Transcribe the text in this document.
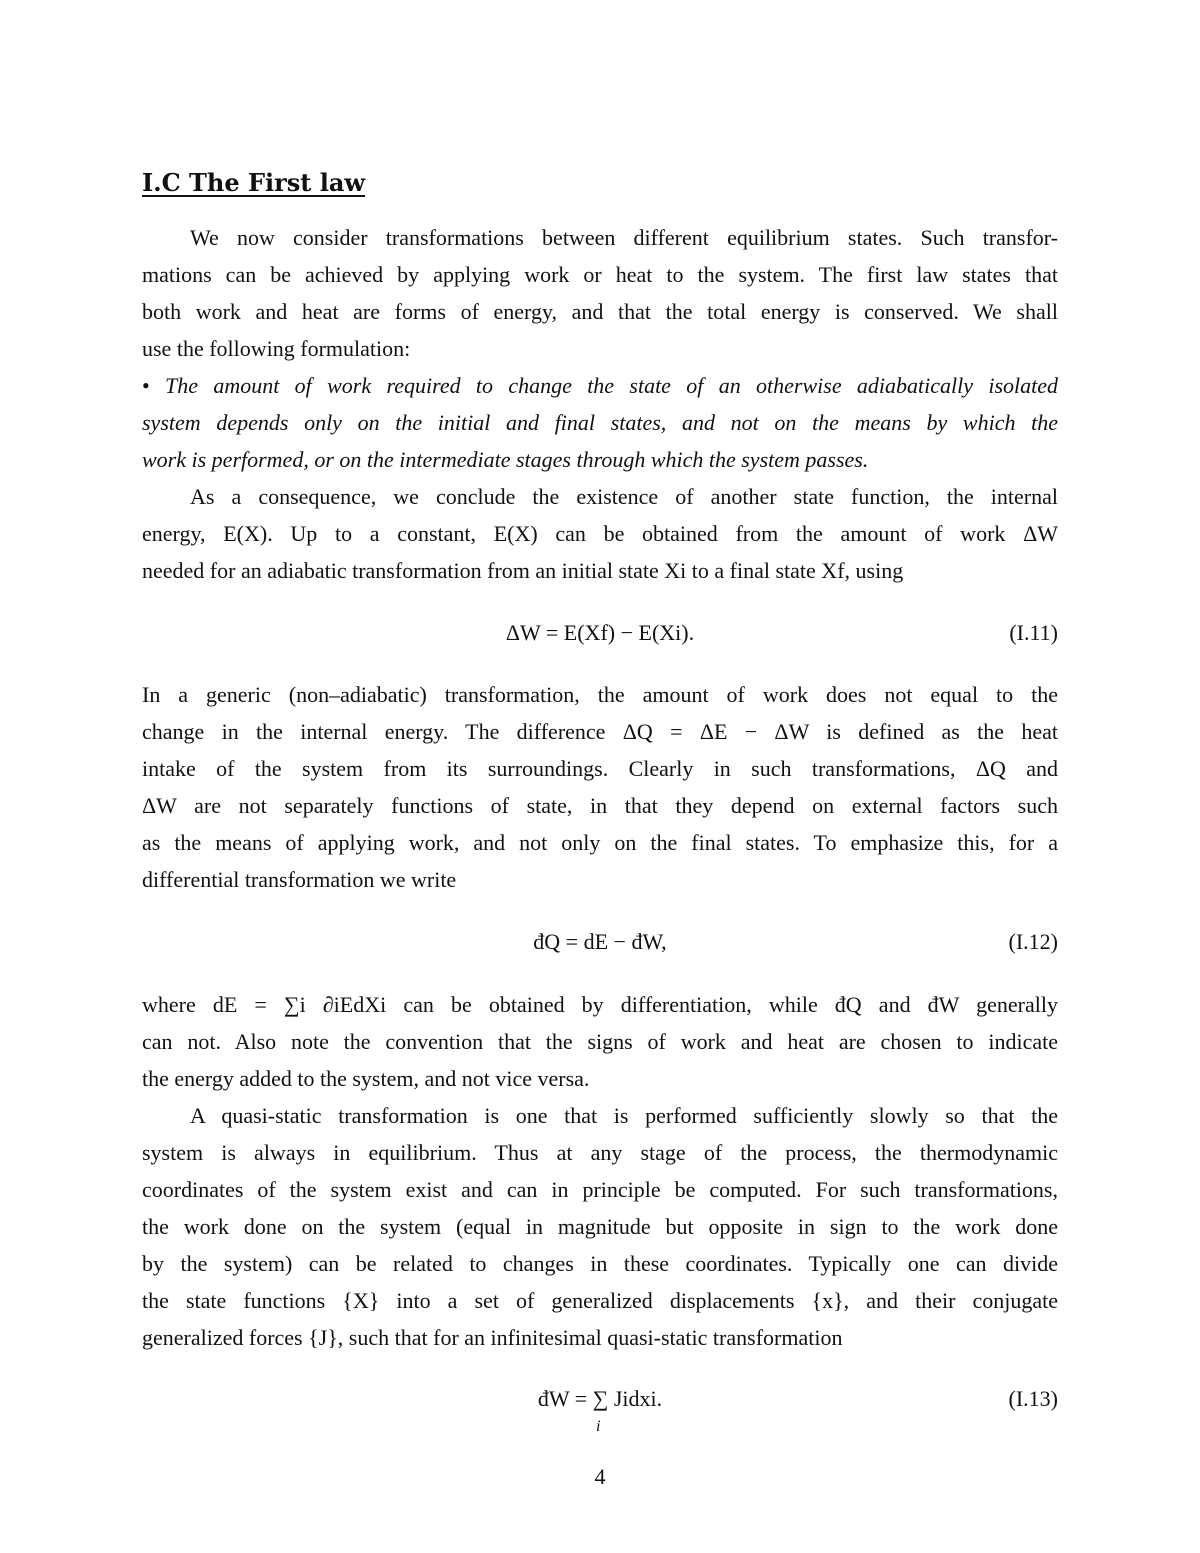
I.C The First law
We now consider transformations between different equilibrium states. Such transfor-
mations can be achieved by applying work or heat to the system. The first law states that
both work and heat are forms of energy, and that the total energy is conserved. We shall
use the following formulation:
• The amount of work required to change the state of an otherwise adiabatically isolated
system depends only on the initial and final states, and not on the means by which the
work is performed, or on the intermediate stages through which the system passes.
As a consequence, we conclude the existence of another state function, the internal
energy, E(X). Up to a constant, E(X) can be obtained from the amount of work ΔW
needed for an adiabatic transformation from an initial state Xi to a final state Xf, using
ΔW = E(Xf) − E(Xi).	(I.11)
In a generic (non–adiabatic) transformation, the amount of work does not equal to the
change in the internal energy. The difference ΔQ = ΔE − ΔW is defined as the heat
intake of the system from its surroundings. Clearly in such transformations, ΔQ and
ΔW are not separately functions of state, in that they depend on external factors such
as the means of applying work, and not only on the final states. To emphasize this, for a
differential transformation we write
đQ = dE − đW,	(I.12)
where dE = ∑i ∂iEdXi can be obtained by differentiation, while đQ and đW generally
can not. Also note the convention that the signs of work and heat are chosen to indicate
the energy added to the system, and not vice versa.
A quasi-static transformation is one that is performed sufficiently slowly so that the
system is always in equilibrium. Thus at any stage of the process, the thermodynamic
coordinates of the system exist and can in principle be computed. For such transformations,
the work done on the system (equal in magnitude but opposite in sign to the work done
by the system) can be related to changes in these coordinates. Typically one can divide
the state functions {X} into a set of generalized displacements {x}, and their conjugate
generalized forces {J}, such that for an infinitesimal quasi-static transformation
đW = ∑ Jidxi.
i
(I.13)
4
